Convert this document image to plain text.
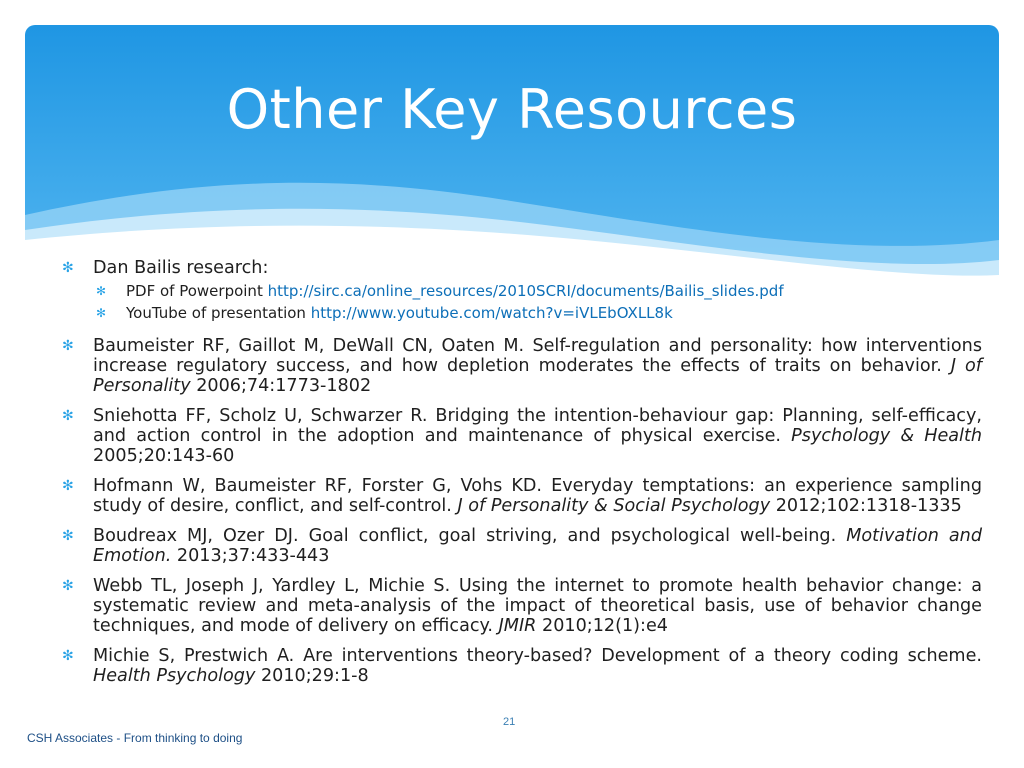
Other Key Resources
✻ Dan Bailis research:
✻ PDF of Powerpoint http://sirc.ca/online_resources/2010SCRI/documents/Bailis_slides.pdf
✻ YouTube of presentation http://www.youtube.com/watch?v=iVLEbOXLL8k
✻ Baumeister RF, Gaillot M, DeWall CN, Oaten M. Self-regulation and personality: how interventions increase regulatory success, and how depletion moderates the effects of traits on behavior. J of Personality 2006;74:1773-1802
✻ Sniehotta FF, Scholz U, Schwarzer R. Bridging the intention-behaviour gap: Planning, self-efficacy, and action control in the adoption and maintenance of physical exercise. Psychology & Health 2005;20:143-60
✻ Hofmann W, Baumeister RF, Forster G, Vohs KD. Everyday temptations: an experience sampling study of desire, conflict, and self-control. J of Personality & Social Psychology 2012;102:1318-1335
✻ Boudreax MJ, Ozer DJ. Goal conflict, goal striving, and psychological well-being. Motivation and Emotion. 2013;37:433-443
✻ Webb TL, Joseph J, Yardley L, Michie S. Using the internet to promote health behavior change: a systematic review and meta-analysis of the impact of theoretical basis, use of behavior change techniques, and mode of delivery on efficacy. JMIR 2010;12(1):e4
✻ Michie S, Prestwich A. Are interventions theory-based? Development of a theory coding scheme. Health Psychology 2010;29:1-8
21
CSH Associates - From thinking to doing
